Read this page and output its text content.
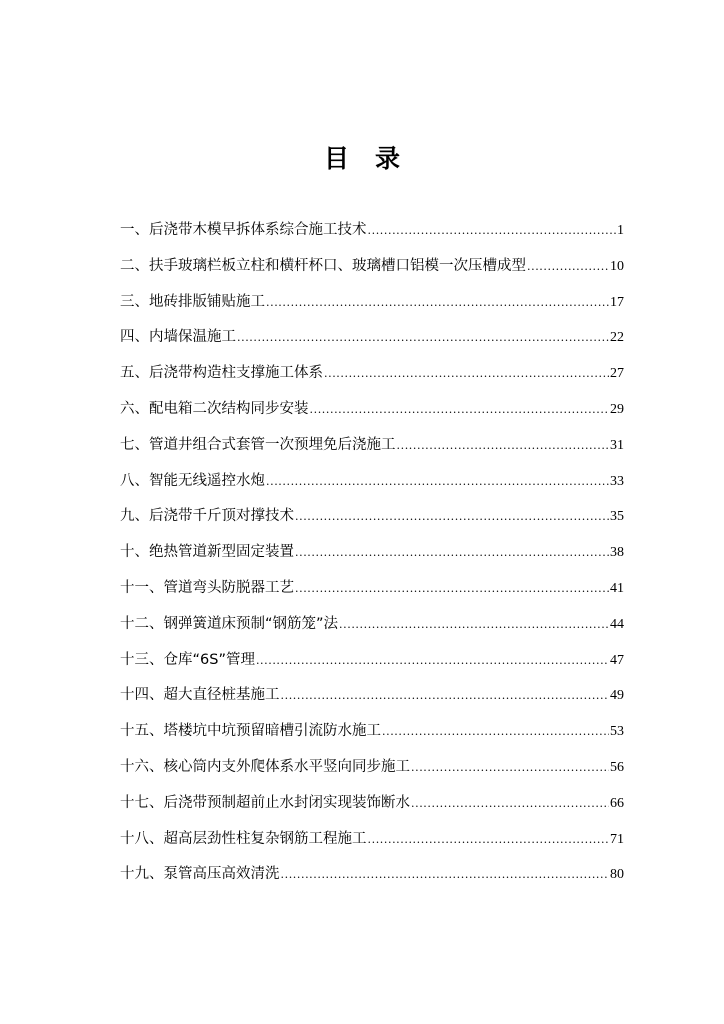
目 录
一、后浇带木模早拆体系综合施工技术 .....	1
二、扶手玻璃栏板立柱和横杆杯口、玻璃槽口铝模一次压槽成型 .....	10
三、地砖排版铺贴施工 .....	17
四、内墙保温施工 .....	22
五、后浇带构造柱支撑施工体系 .....	27
六、配电箱二次结构同步安装 .....	29
七、管道井组合式套管一次预埋免后浇施工 .....	31
八、智能无线遥控水炮 .....	33
九、后浇带千斤顶对撑技术 .....	35
十、绝热管道新型固定装置 .....	38
十一、管道弯头防脱器工艺 .....	41
十二、钢弹簧道床预制“钢筋笼”法 .....	44
十三、仓库“6S”管理 .....	47
十四、超大直径桩基施工 .....	49
十五、塔楼坑中坑预留暗槽引流防水施工 .....	53
十六、核心筒内支外爬体系水平竖向同步施工 .....	56
十七、后浇带预制超前止水封闭实现装饰断水 .....	66
十八、超高层劲性柱复杂钢筋工程施工 .....	71
十九、泵管高压高效清洗 .....	80
